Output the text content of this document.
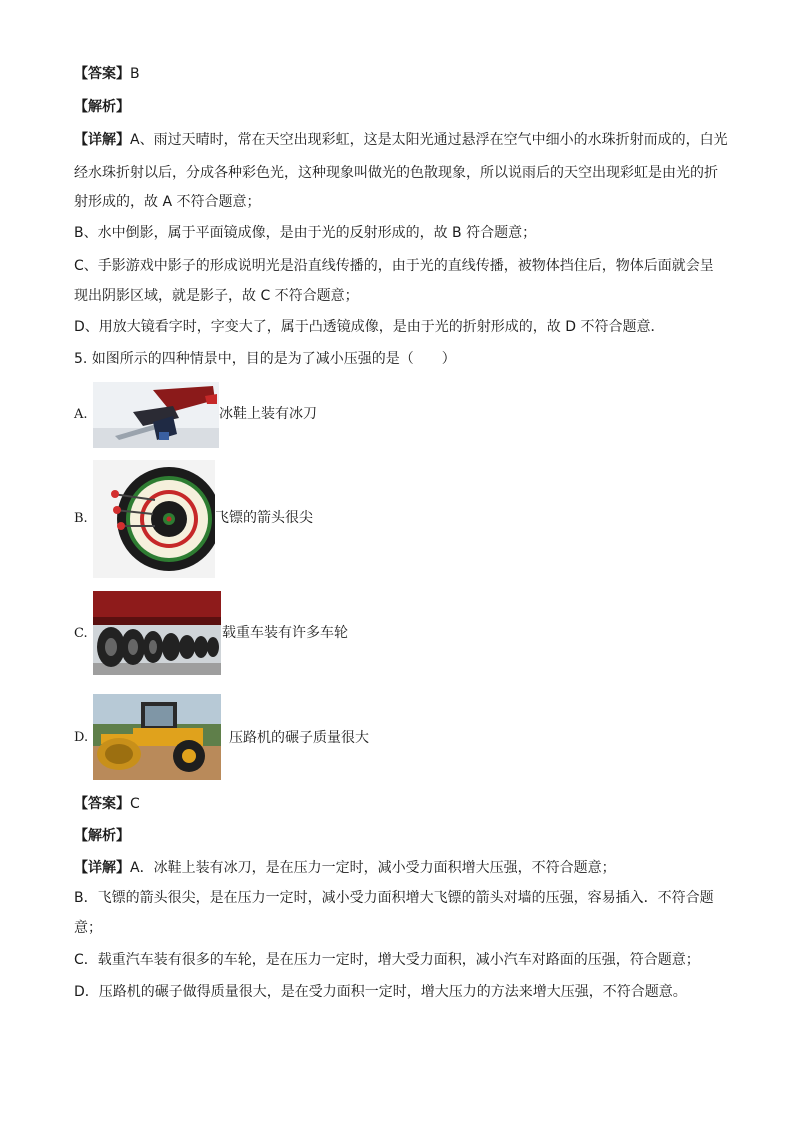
【答案】B
【解析】
【详解】A、雨过天晴时，常在天空出现彩虹，这是太阳光通过悬浮在空气中细小的水珠折射而成的，白光
经水珠折射以后，分成各种彩色光，这种现象叫做光的色散现象，所以说雨后的天空出现彩虹是由光的折
射形成的，故 A 不符合题意；
B、水中倒影，属于平面镜成像，是由于光的反射形成的，故 B 符合题意；
C、手影游戏中影子的形成说明光是沿直线传播的，由于光的直线传播，被物体挡住后，物体后面就会呈
现出阴影区域，就是影子，故 C 不符合题意；
D、用放大镜看字时，字变大了，属于凸透镜成像，是由于光的折射形成的，故 D 不符合题意．
5. 如图所示的四种情景中，目的是为了减小压强的是（　　）
A.	冰鞋上装有冰刀
B.	飞镖的箭头很尖
C.	载重车装有许多车轮
D.	压路机的碾子质量很大
【答案】C
【解析】
【详解】A．冰鞋上装有冰刀，是在压力一定时，减小受力面积增大压强，不符合题意；
B．飞镖的箭头很尖，是在压力一定时，减小受力面积增大飞镖的箭头对墙的压强，容易插入．不符合题
意；
C．载重汽车装有很多的车轮，是在压力一定时，增大受力面积，减小汽车对路面的压强，符合题意；
D．压路机的碾子做得质量很大，是在受力面积一定时，增大压力的方法来增大压强，不符合题意。
